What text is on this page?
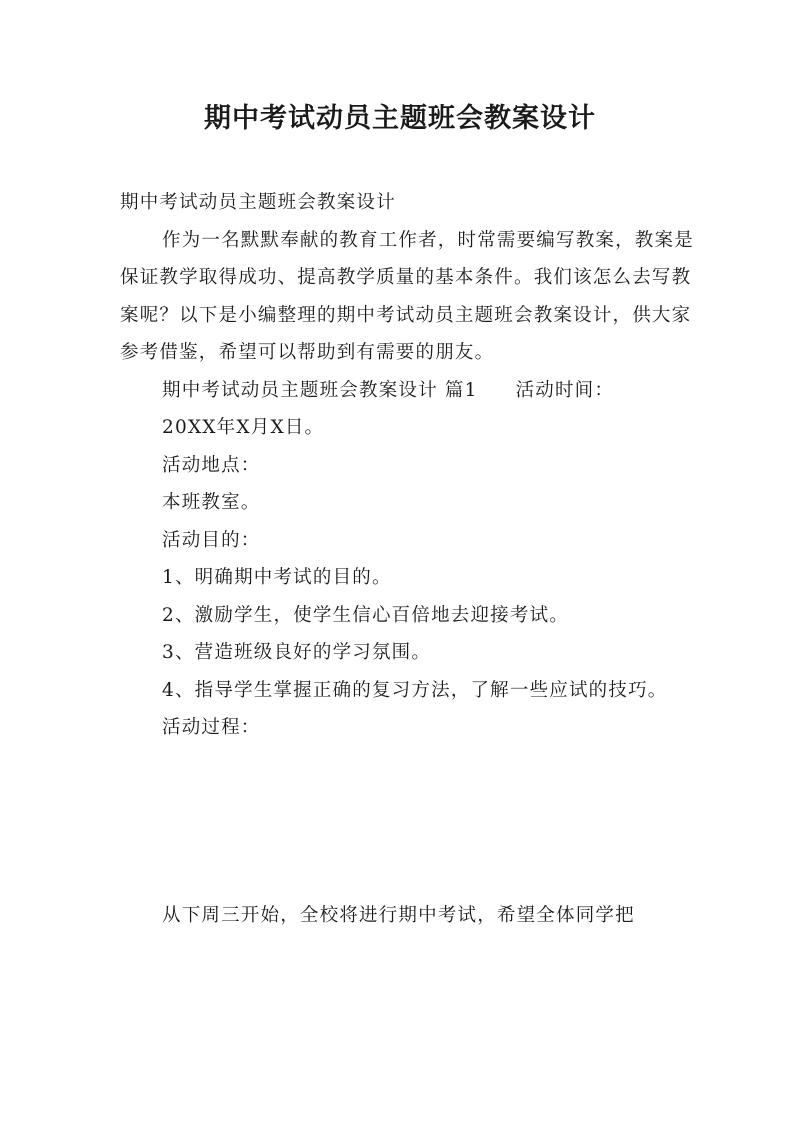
期中考试动员主题班会教案设计

期中考试动员主题班会教案设计

作为一名默默奉献的教育工作者，时常需要编写教案，教案是保证教学取得成功、提高教学质量的基本条件。我们该怎么去写教案呢？以下是小编整理的期中考试动员主题班会教案设计，供大家参考借鉴，希望可以帮助到有需要的朋友。

期中考试动员主题班会教案设计 篇1 活动时间：

20XX年X月X日。

活动地点：

本班教室。

活动目的：

1、明确期中考试的目的。

2、激励学生，使学生信心百倍地去迎接考试。

3、营造班级良好的学习氛围。

4、指导学生掌握正确的复习方法，了解一些应试的技巧。

活动过程：

从下周三开始，全校将进行期中考试，希望全体同学把
